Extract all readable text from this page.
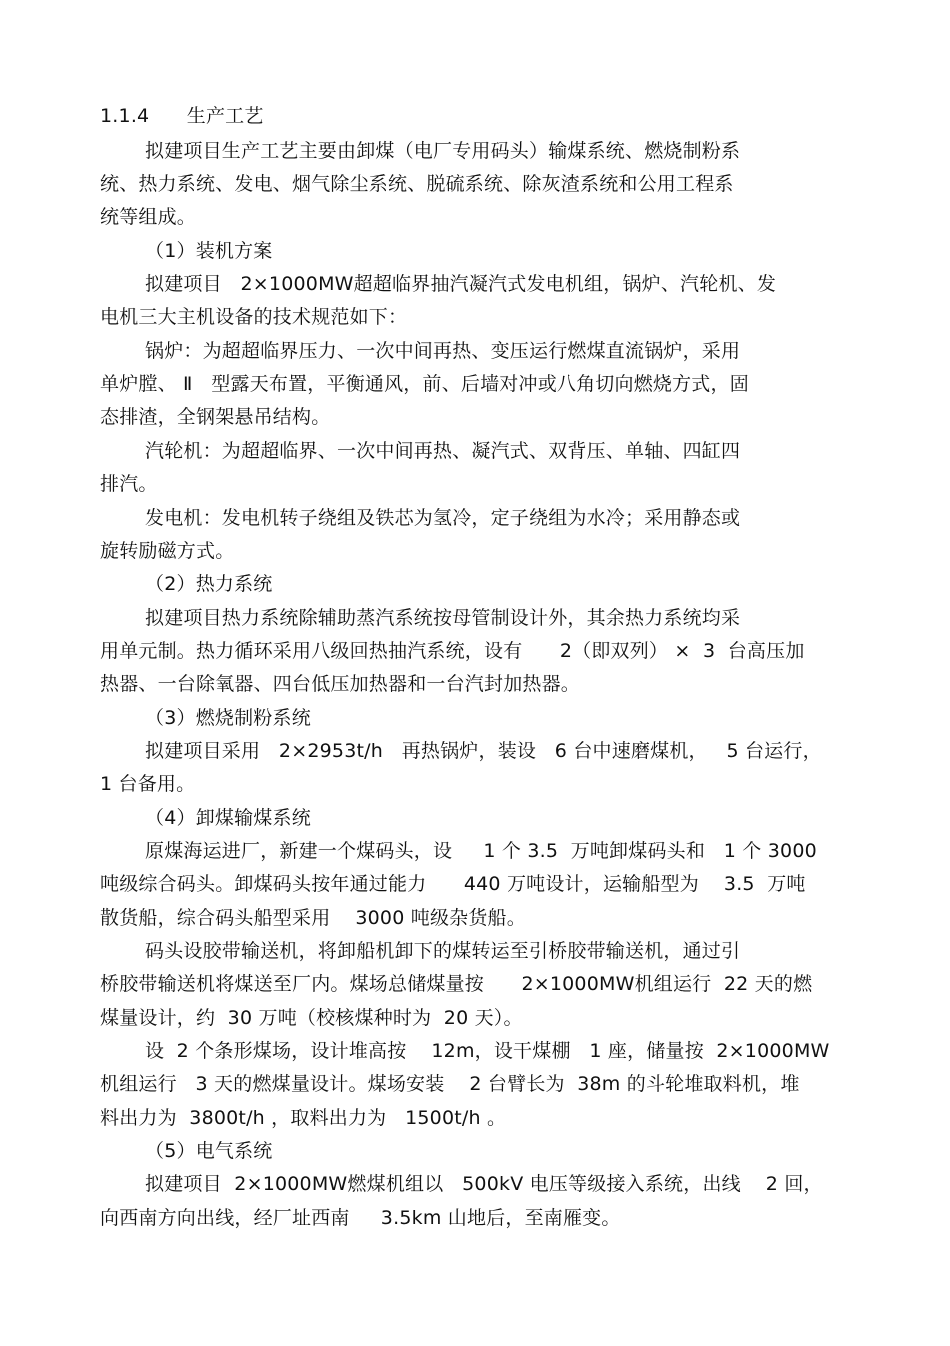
1.1.4      生产工艺
拟建项目生产工艺主要由卸煤（电厂专用码头）输煤系统、燃烧制粉系
统、热力系统、发电、烟气除尘系统、脱硫系统、除灰渣系统和公用工程系
统等组成。
（1）装机方案
拟建项目   2×1000MW超超临界抽汽凝汽式发电机组，锅炉、汽轮机、发
电机三大主机设备的技术规范如下：
锅炉：为超超临界压力、一次中间再热、变压运行燃煤直流锅炉，采用
单炉膛、 Ⅱ   型露天布置，平衡通风，前、后墙对冲或八角切向燃烧方式，固
态排渣，全钢架悬吊结构。
汽轮机：为超超临界、一次中间再热、凝汽式、双背压、单轴、四缸四
排汽。
发电机：发电机转子绕组及铁芯为氢冷，定子绕组为水冷；采用静态或
旋转励磁方式。
（2）热力系统
拟建项目热力系统除辅助蒸汽系统按母管制设计外，其余热力系统均采
用单元制。热力循环采用八级回热抽汽系统，设有      2（即双列） ×  3  台高压加
热器、一台除氧器、四台低压加热器和一台汽封加热器。
（3）燃烧制粉系统
拟建项目采用   2×2953t/h   再热锅炉，装设   6 台中速磨煤机，   5 台运行，
1 台备用。
（4）卸煤输煤系统
原煤海运进厂，新建一个煤码头，设     1 个 3.5  万吨卸煤码头和   1 个 3000
吨级综合码头。卸煤码头按年通过能力      440 万吨设计，运输船型为    3.5  万吨
散货船，综合码头船型采用    3000 吨级杂货船。
码头设胶带输送机，将卸船机卸下的煤转运至引桥胶带输送机，通过引
桥胶带输送机将煤送至厂内。煤场总储煤量按      2×1000MW机组运行  22 天的燃
煤量设计，约  30 万吨（校核煤种时为  20 天）。
设  2 个条形煤场，设计堆高按    12m，设干煤棚   1 座，储量按  2×1000MW
机组运行   3 天的燃煤量设计。煤场安装    2 台臂长为  38m 的斗轮堆取料机，堆
料出力为  3800t/h ，取料出力为   1500t/h 。
（5）电气系统
拟建项目  2×1000MW燃煤机组以   500kV 电压等级接入系统，出线    2 回，
向西南方向出线，经厂址西南     3.5km 山地后，至南雁变。
